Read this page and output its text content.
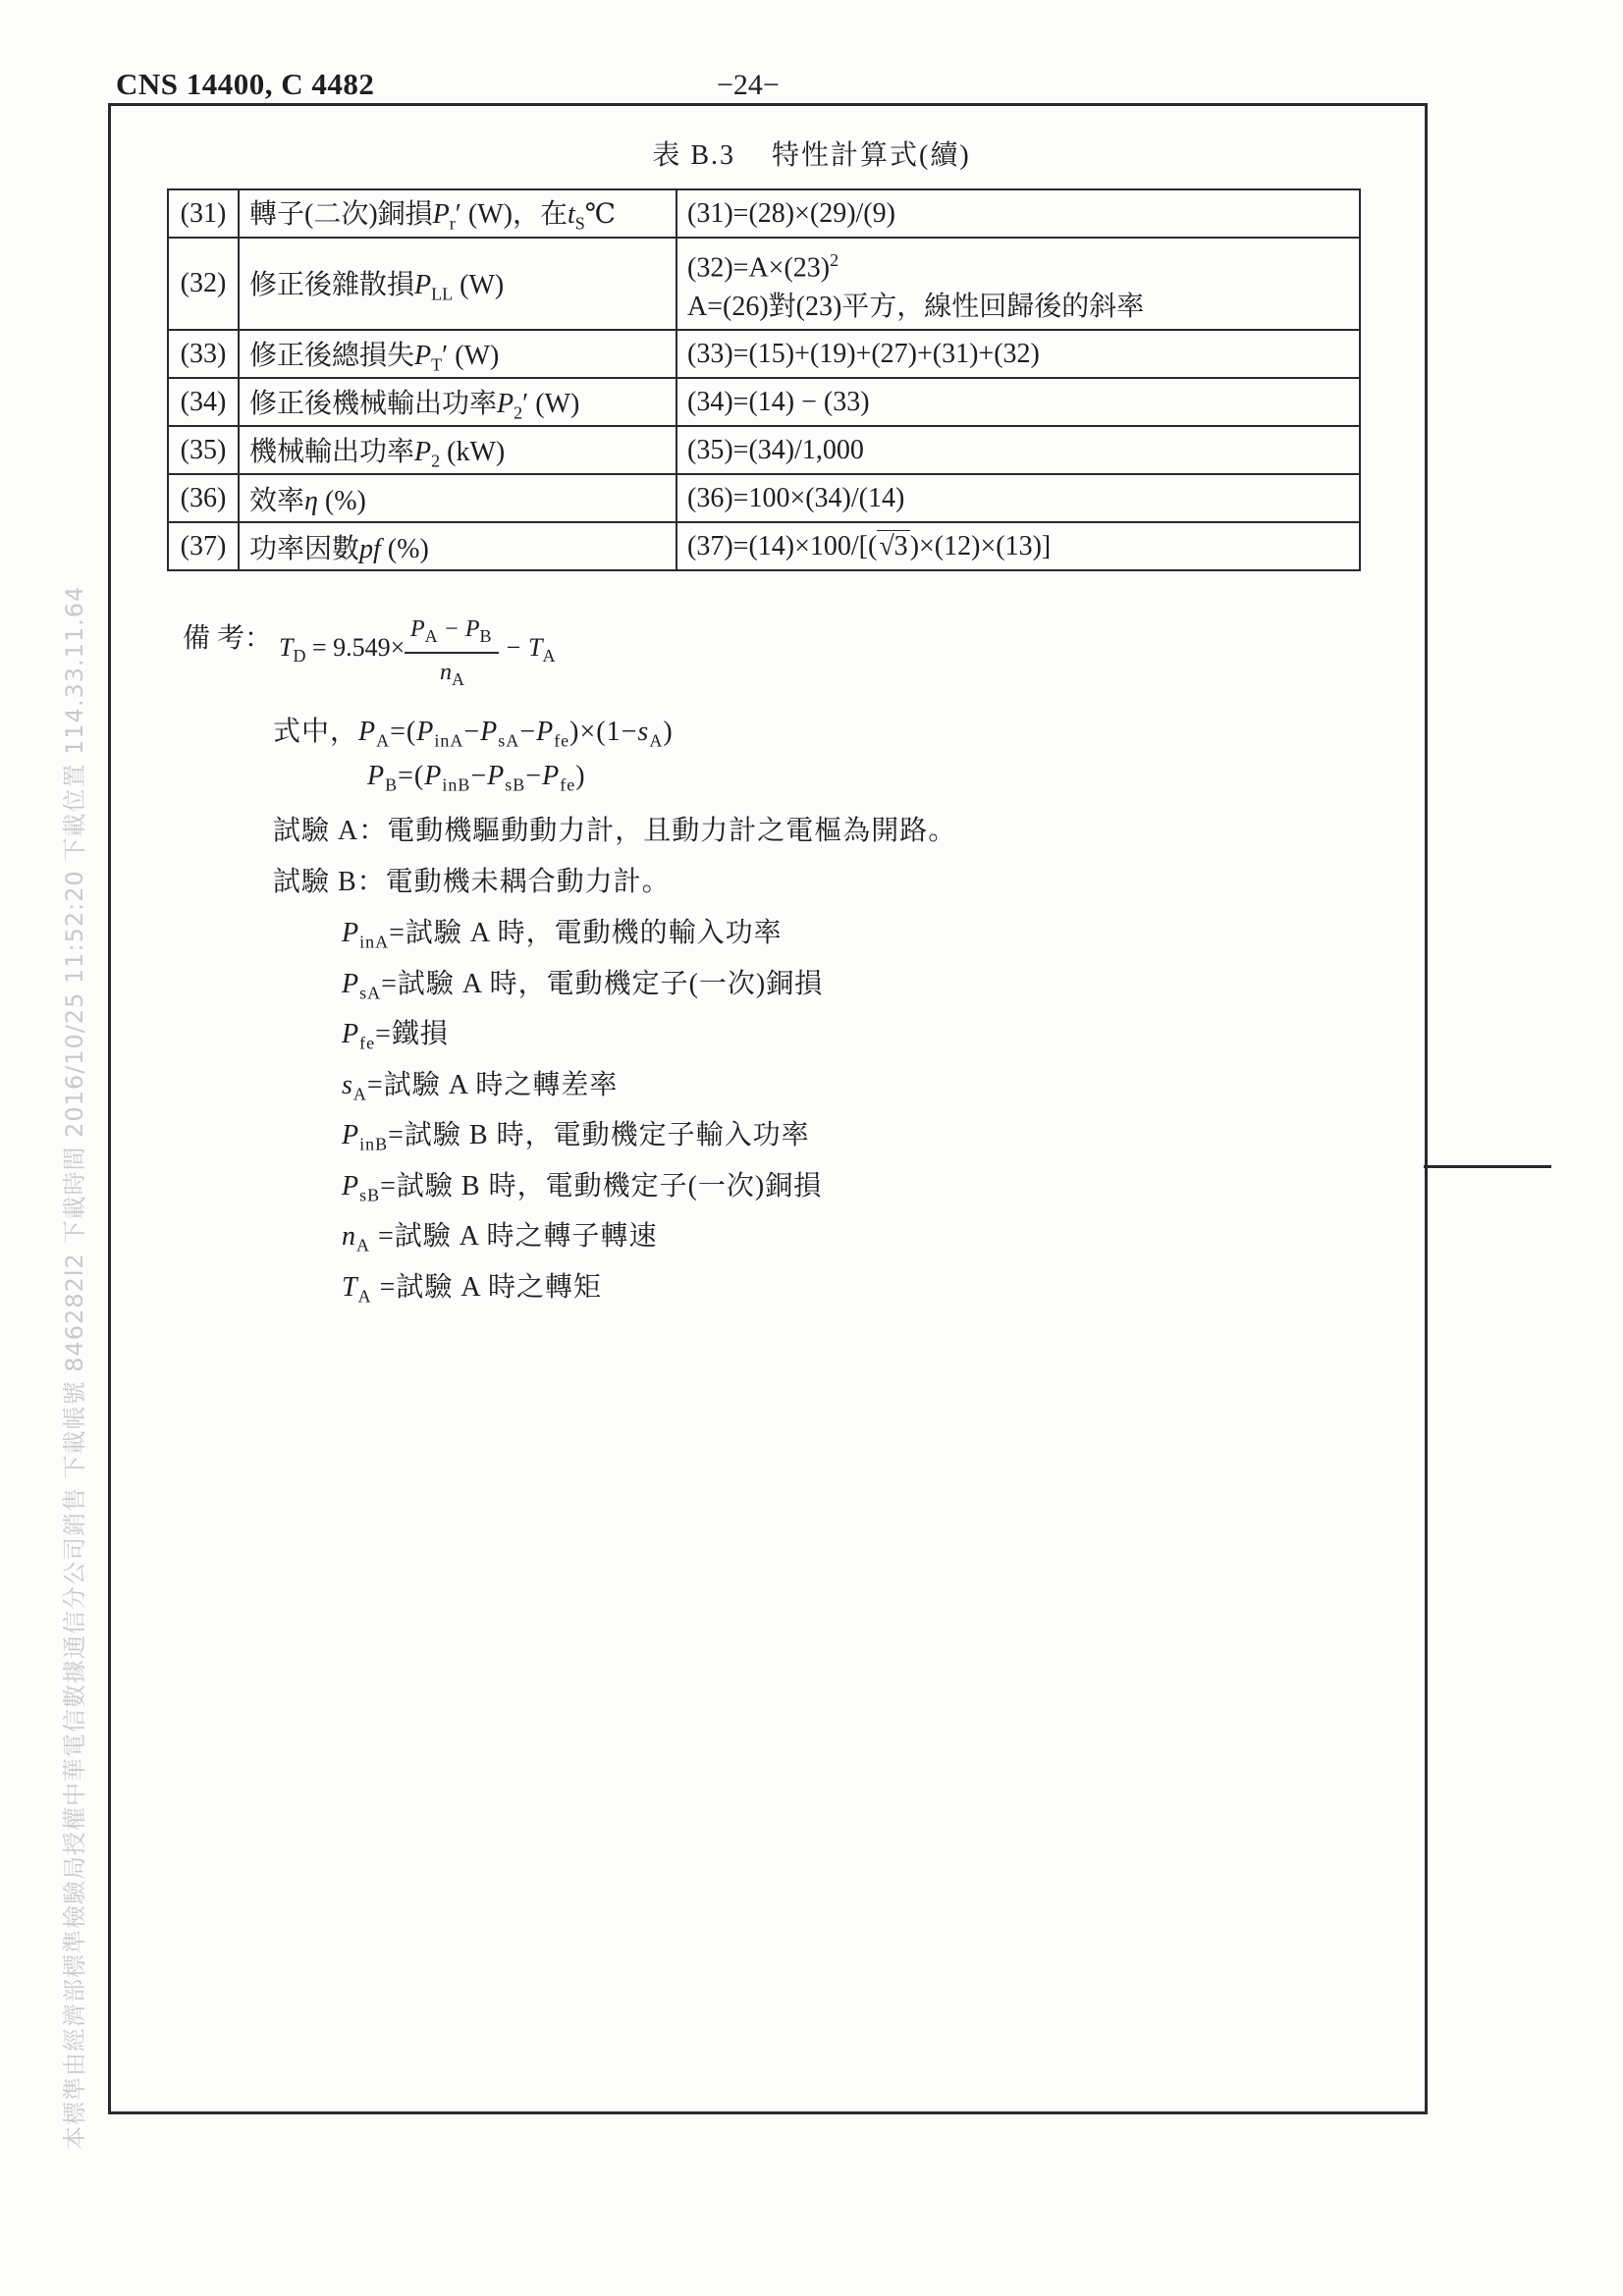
CNS 14400, C 4482	−24−
表 B.3 特性計算式(續)
(31)	轉子(二次)銅損$P_r'$ (W)，在$t_S℃$	(31)=(28)×(29)/(9)
(32)	修正後雜散損$P_{LL}$ (W)	$(32)=A\times(23)^2$
A=(26)對(23)平方，線性回歸後的斜率

(33)	修正後總損失$P_T'$ (W)	(33)=(15)+(19)+(27)+(31)+(32)
(34)	修正後機械輸出功率$P_2'$ (W)	(34)=(14) − (33)
(35)	機械輸出功率$P_2$ (kW)	(35)=(34)/1,000
(36)	效率η (%)	(36)=100×(34)/(14)
(37)	功率因數pf (%)	(37)=(14)×100/[(√3)×(12)×(13)]
備 考： $T_D = 9.549\times$
$P_A - P_B$
$n_A$
− $T_A$
式中，$P_A=(P_{inA}-P_{sA}-P_{fe})\times(1-s_A)$
$P_B=(P_{inB}-P_{sB}-P_{fe})$
試驗 A：電動機驅動動力計，且動力計之電樞為開路。
試驗 B：電動機未耦合動力計。
$P_{inA}=$試驗 A 時，電動機的輸入功率
$P_{sA}=$試驗 A 時，電動機定子(一次)銅損
$P_{fe}=$鐵損
$s_A=$試驗 A 時之轉差率
$P_{inB}=$試驗 B 時，電動機定子輸入功率
$P_{sB}=$試驗 B 時，電動機定子(一次)銅損
$n_A$ =試驗 A 時之轉子轉速
$T_A$ =試驗 A 時之轉矩
本標準由經濟部標準檢驗局授權中華電信數據通信分公司銷售 下載帳號 846282l2 下載時間 2016/10/25 11:52:20 下載位置 114.33.11.64
